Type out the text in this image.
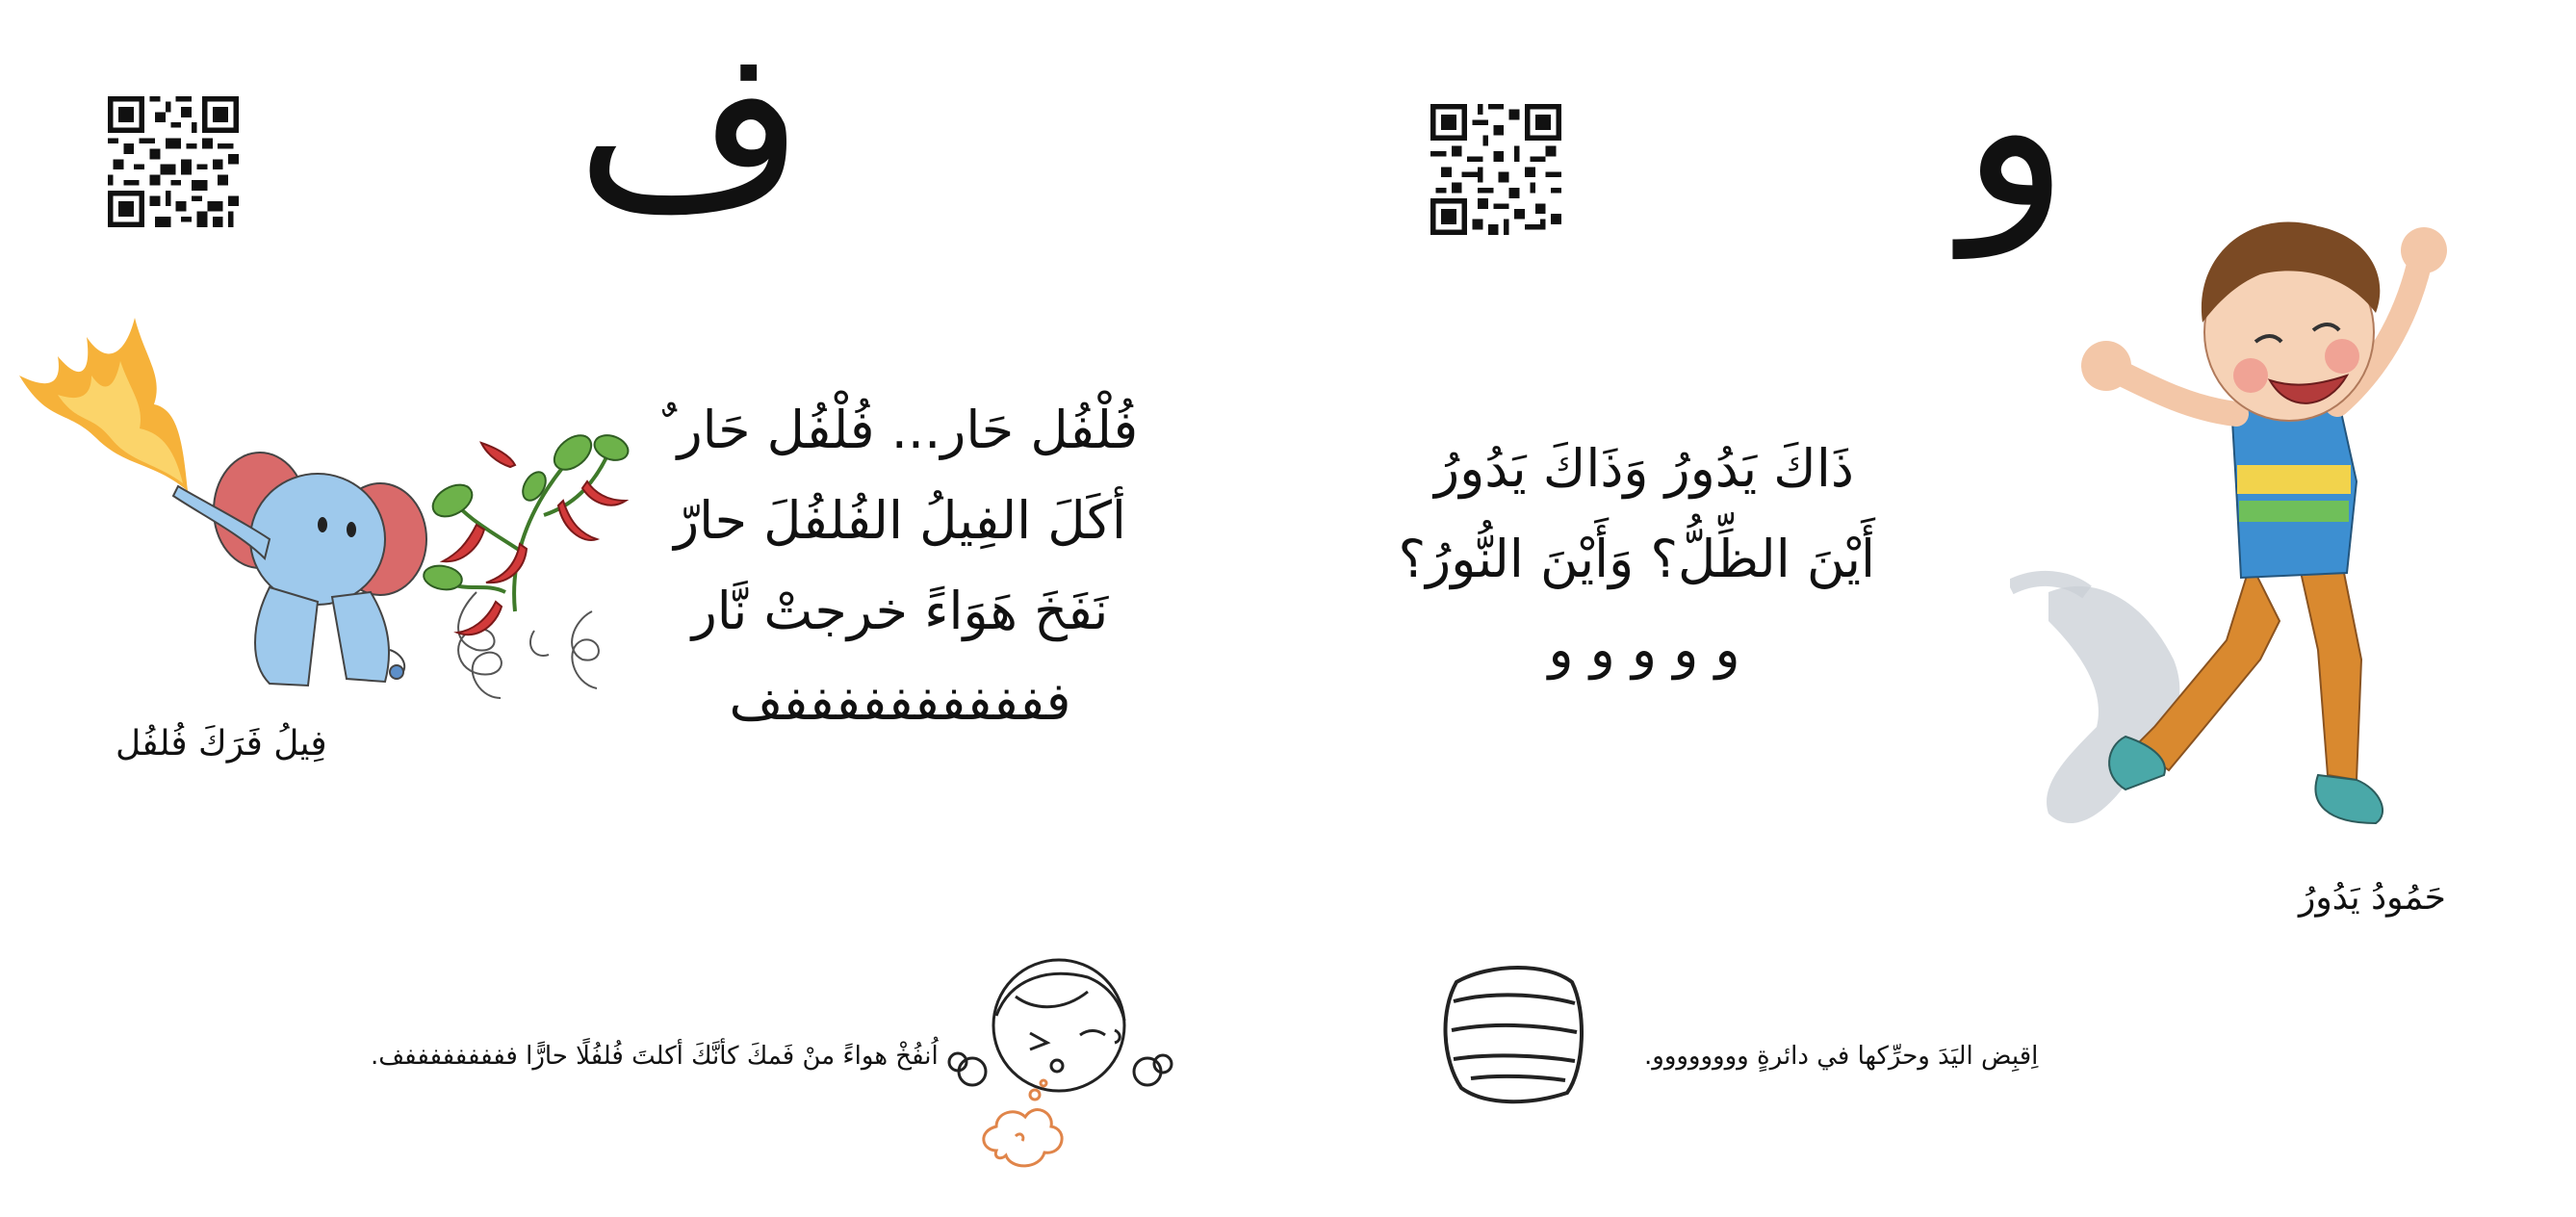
ف
فُلْفُل حَار... فُلْفُل حَار ٌ
أكَلَ الفِيلُ الفُلفُلَ حارّ
نَفَخَ هَوَاءً خرجتْ نَّار
فففففففففففف
فِيلُ فَرَكَ فُلفُل
اُنفُخْ هواءً منْ فَمكَ كأنَّكَ أكلتَ فُلفُلًا حارًّا فففففففففف.
و
ذَاكَ يَدُورُ وَذَاكَ يَدُورُ
أَيْنَ الظِّلُّ؟ وَأَيْنَ النُّورُ؟
و و و و و
حَمُودُ يَدُورُ
اِقبِض اليَدَ وحرِّكها في دائرةٍ وووووووو.
